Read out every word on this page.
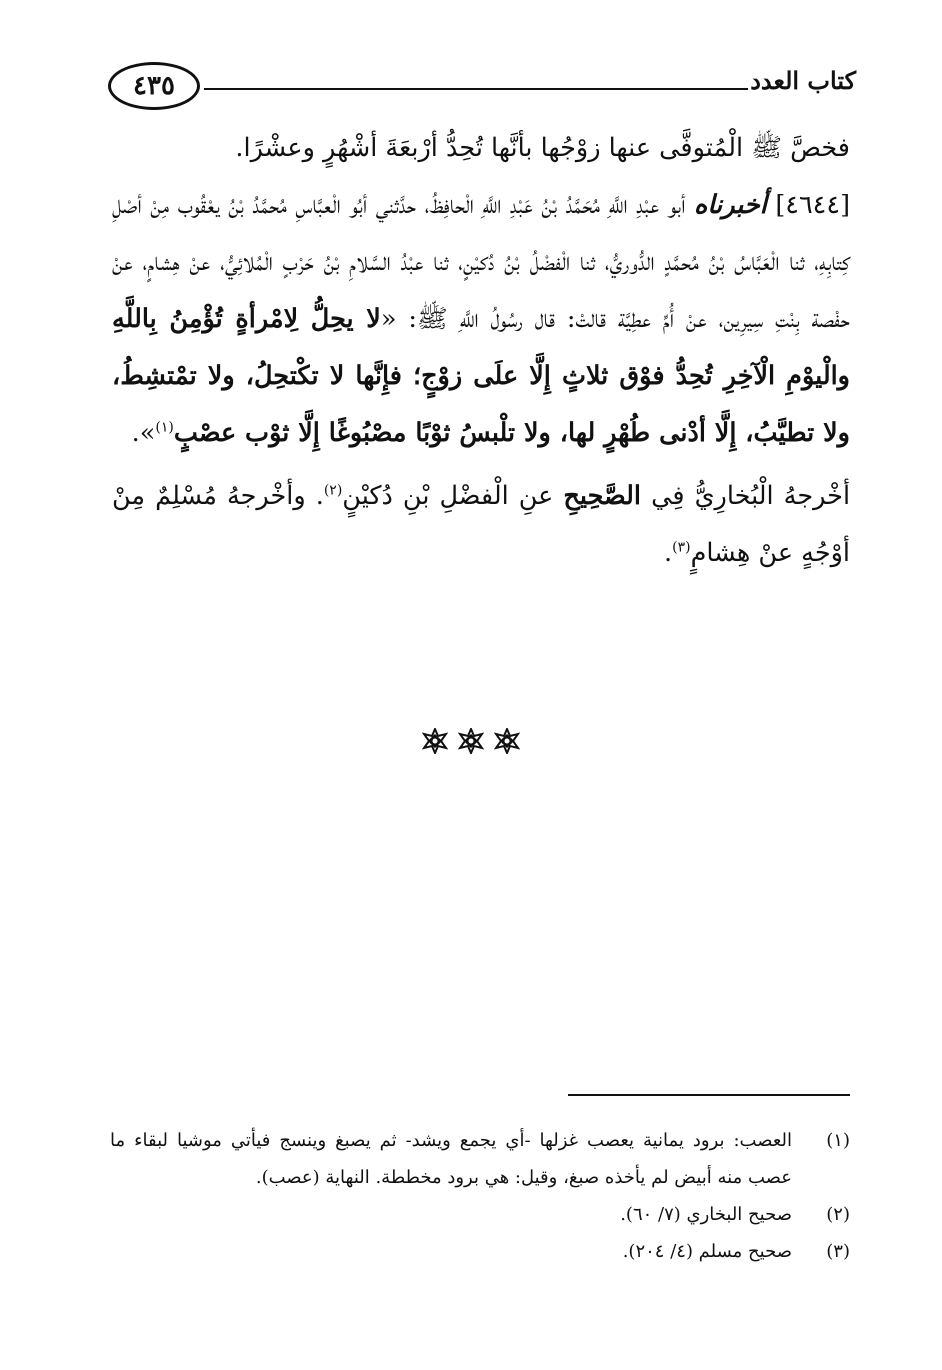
٤٣٥	كتاب العدد

فخصَّ ﷺ الْمُتوفَّى عنها زوْجُها بأنَّها تُحِدُّ أرْبعَةَ أشْهُرٍ وعشْرًا.

[٤٦٤٤] أخبرناه أبو عبْدِ اللَّهِ مُحَمَّدُ بْنُ عَبْدِ اللَّهِ الْحافِظُ، حدَّثني أبُو الْعبَّاسِ مُحمَّدُ بْنُ يعْقُوب مِنْ أصْلِ كِتابِهِ، ثنا الْعَبَّاسُ بْنُ مُحمَّدٍ الدُّوريُّ، ثنا الْفضْلُ بْنُ دُكيْنٍ، ثنا عبْدُ السَّلامِ بْنُ حَرْبٍ الْمُلائِيُّ، عنْ هِشامٍ، عنْ حفْصة بِنْتِ سِيرِين، عنْ أُمِّ عطِيَّة قالتْ: قال رسُولُ اللَّهِ ﷺ: «لا يحِلُّ لِامْرأةٍ تُؤْمِنُ بِاللَّهِ والْيوْمِ الْآخِرِ تُحِدُّ فوْق ثلاثٍ إِلَّا علَى زوْجٍ؛ فإِنَّها لا تكْتحِلُ، ولا تمْتشِطُ، ولا تطيَّبُ، إِلَّا أدْنى طُهْرٍ لها، ولا تلْبسُ ثوْبًا مصْبُوغًا إِلَّا ثوْب عصْبٍ$^{(١)}$».

أخْرجهُ الْبُخارِيُّ فِي الصَّحِيحِ عنِ الْفضْلِ بْنِ دُكيْنٍ$^{(٢)}$. وأخْرجهُ مُسْلِمٌ مِنْ أوْجُهٍ عنْ هِشامٍ$^{(٣)}$.

(١)
العصب: برود يمانية يعصب غزلها -أي يجمع ويشد- ثم يصبغ وينسج فيأتي موشيا لبقاء ما عصب منه أبيض لم يأخذه صبغ، وقيل: هي برود مخططة. النهاية (عصب).
(٢)
صحيح البخاري (٧/ ٦٠).
(٣)
صحيح مسلم (٤/ ٢٠٤).
